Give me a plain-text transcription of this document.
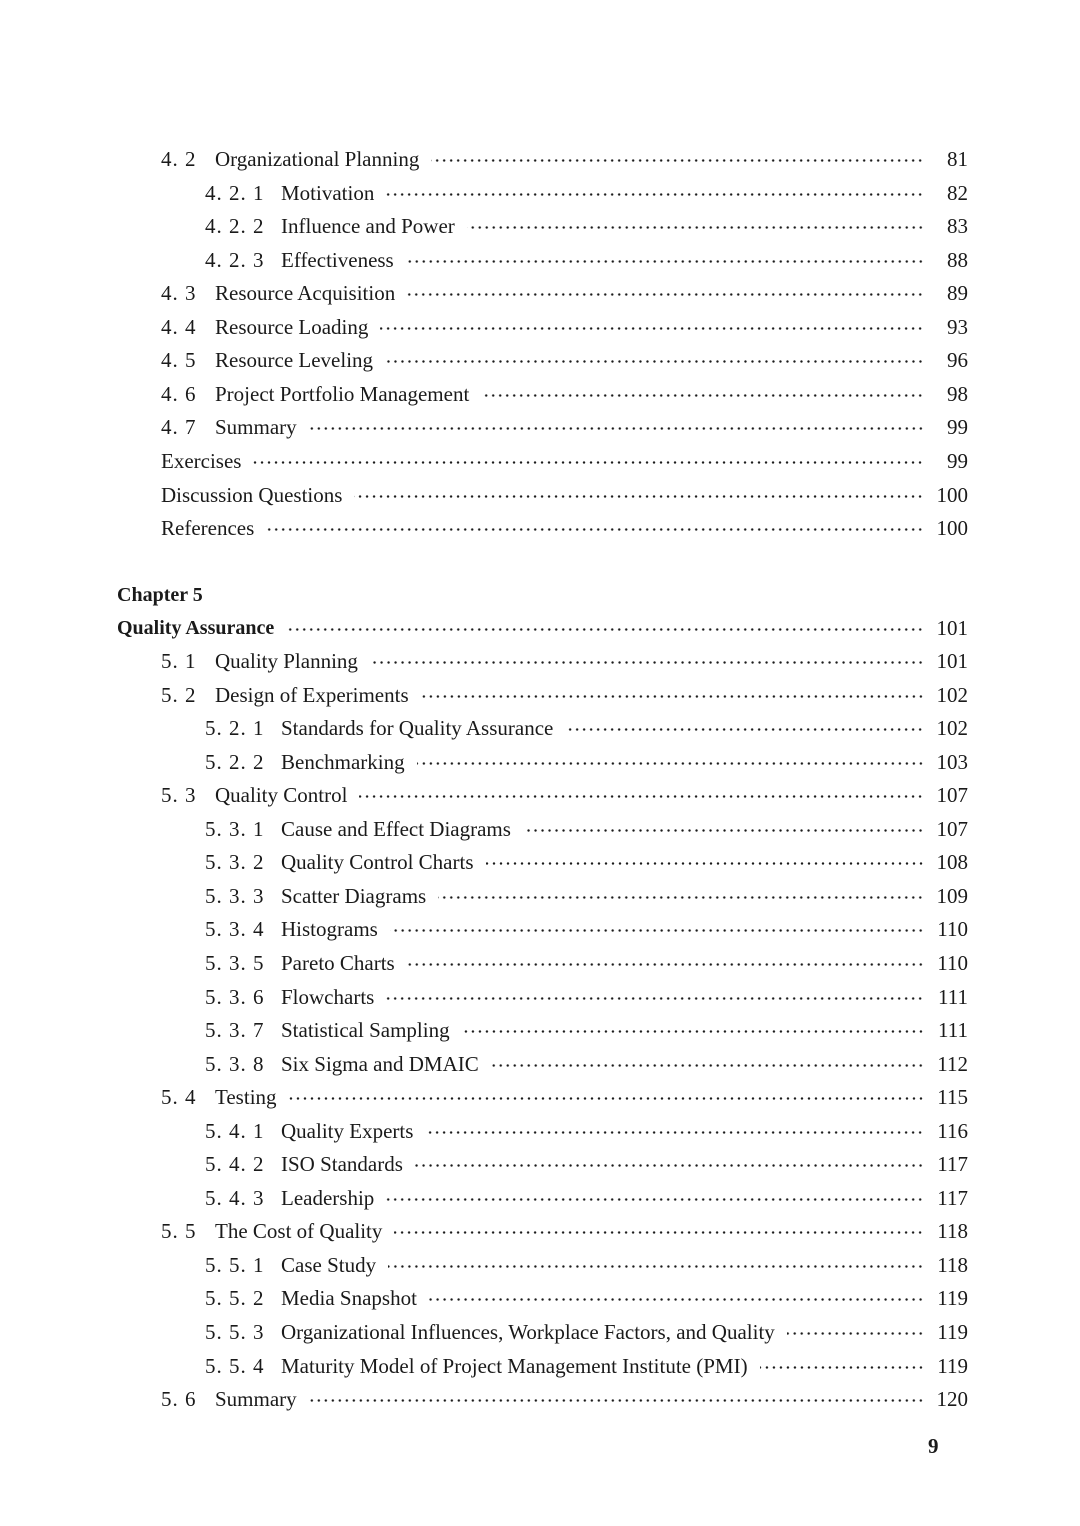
4. 2 Organizational Planning	81
4. 2. 1 Motivation	82
4. 2. 2 Influence and Power	83
4. 2. 3 Effectiveness	88
4. 3 Resource Acquisition	89
4. 4 Resource Loading	93
4. 5 Resource Leveling	96
4. 6 Project Portfolio Management	98
4. 7 Summary	99
Exercises	99
Discussion Questions	100
References	100
Chapter 5
Quality Assurance	101
5. 1 Quality Planning	101
5. 2 Design of Experiments	102
5. 2. 1 Standards for Quality Assurance	102
5. 2. 2 Benchmarking	103
5. 3 Quality Control	107
5. 3. 1 Cause and Effect Diagrams	107
5. 3. 2 Quality Control Charts	108
5. 3. 3 Scatter Diagrams	109
5. 3. 4 Histograms	110
5. 3. 5 Pareto Charts	110
5. 3. 6 Flowcharts	111
5. 3. 7 Statistical Sampling	111
5. 3. 8 Six Sigma and DMAIC	112
5. 4 Testing	115
5. 4. 1 Quality Experts	116
5. 4. 2 ISO Standards	117
5. 4. 3 Leadership	117
5. 5 The Cost of Quality	118
5. 5. 1 Case Study	118
5. 5. 2 Media Snapshot	119
5. 5. 3 Organizational Influences, Workplace Factors, and Quality	119
5. 5. 4 Maturity Model of Project Management Institute (PMI)	119
5. 6 Summary	120
9
